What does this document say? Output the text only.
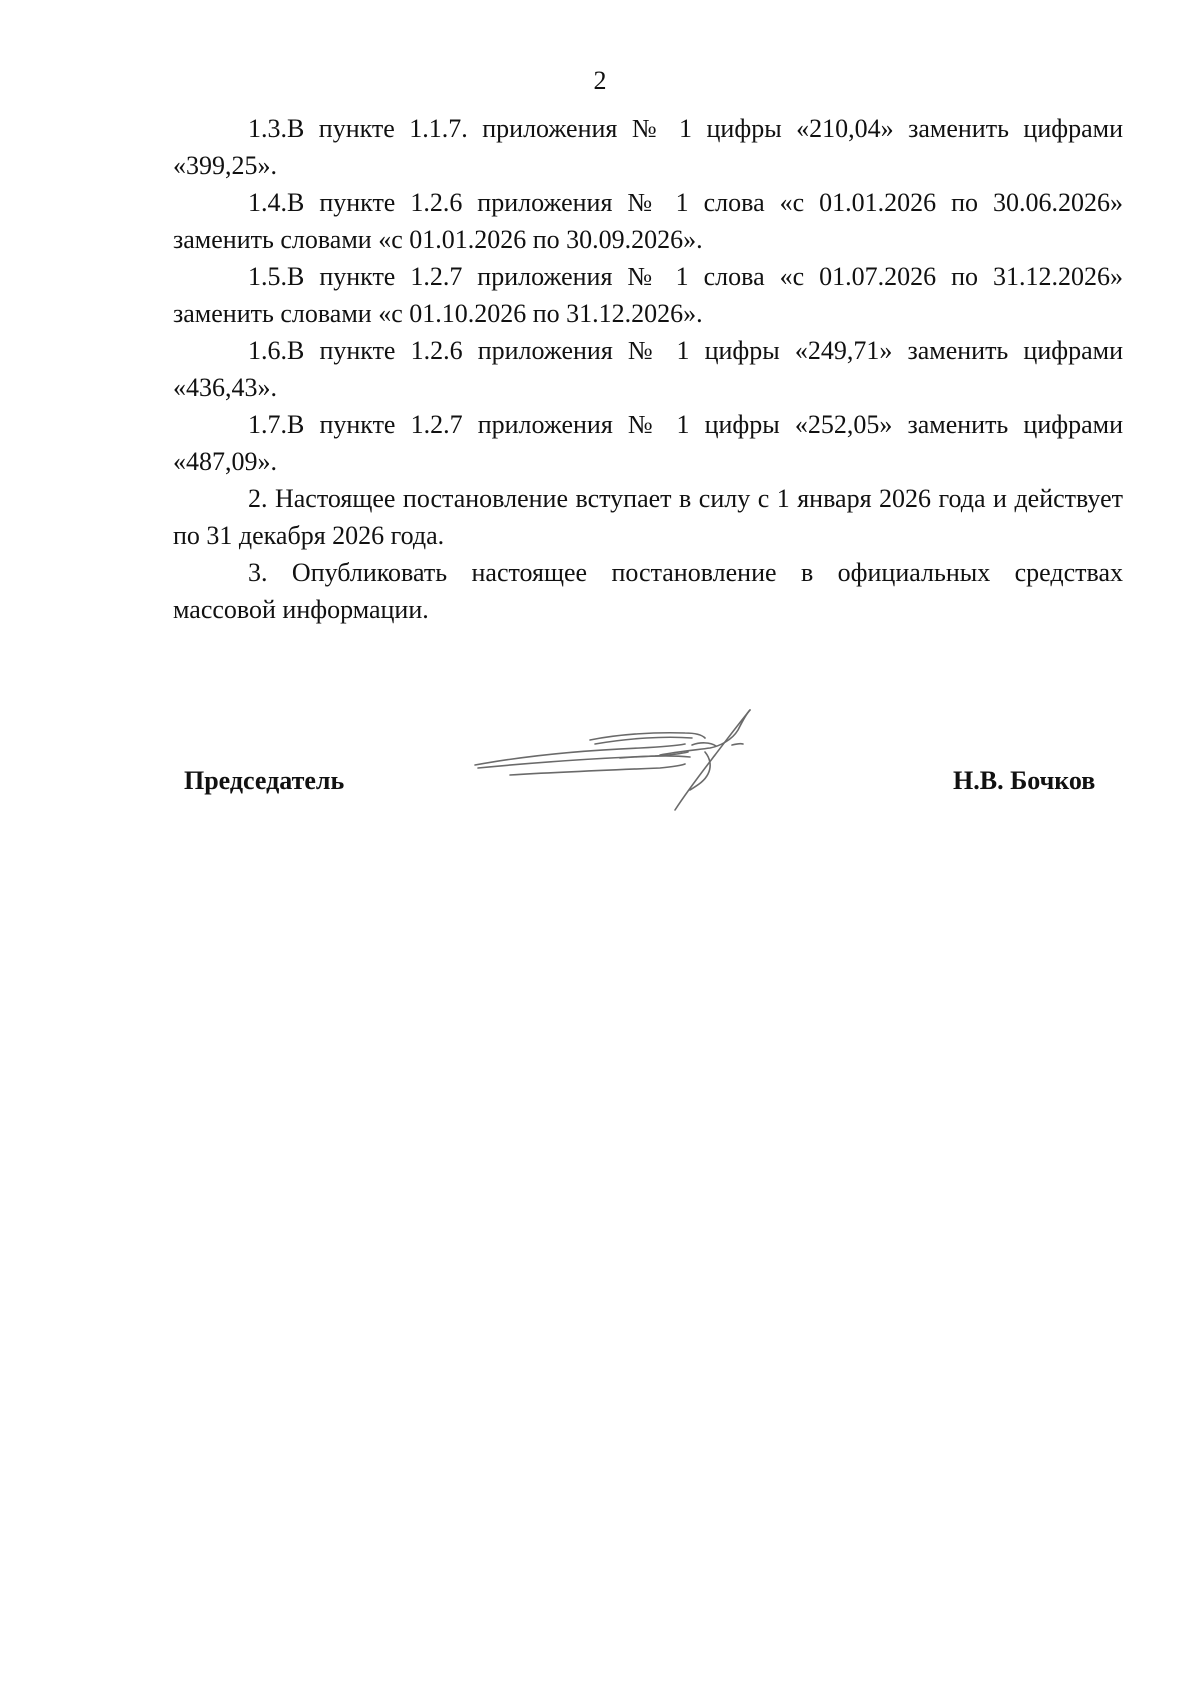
2

1.3.В пункте 1.1.7. приложения № 1 цифры «210,04» заменить цифрами «399,25».

1.4.В пункте 1.2.6 приложения № 1 слова «с 01.01.2026 по 30.06.2026» заменить словами «с 01.01.2026 по 30.09.2026».

1.5.В пункте 1.2.7 приложения № 1 слова «с 01.07.2026 по 31.12.2026» заменить словами «с 01.10.2026 по 31.12.2026».

1.6.В пункте 1.2.6 приложения № 1 цифры «249,71» заменить цифрами «436,43».

1.7.В пункте 1.2.7 приложения № 1 цифры «252,05» заменить цифрами «487,09».

2. Настоящее постановление вступает в силу с 1 января 2026 года и действует по 31 декабря 2026 года.

3. Опубликовать настоящее постановление в официальных средствах массовой информации.

Председатель	Н.В. Бочков
